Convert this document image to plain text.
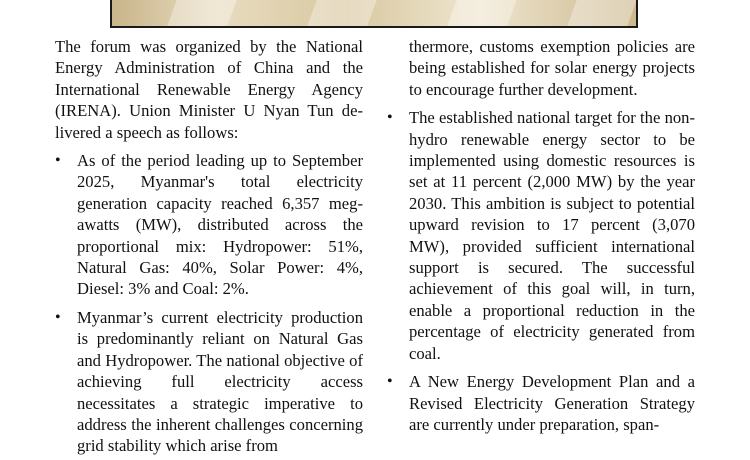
The forum was organized by the National Energy Administration of China and the International Renewable Energy Agency (IRENA). Union Minister U Nyan Tun delivered a speech as follows:

• As of the period leading up to September 2025, Myanmar's total electricity generation capacity reached 6,357 megawatts (MW), distributed across the proportional mix: Hydropower: 51%, Natural Gas: 40%, Solar Power: 4%, Diesel: 3% and Coal: 2%.
• Myanmar’s current electricity production is predominantly reliant on Natural Gas and Hydropower. The national objective of achieving full electricity access necessitates a strategic imperative to address the inherent challenges concerning grid stability which arise from

thermore, customs exemption policies are being established for solar energy projects to encourage further development.

• The established national target for the non-hydro renewable energy sector to be implemented using domestic resources is set at 11 percent (2,000 MW) by the year 2030. This ambition is subject to potential upward revision to 17 percent (3,070 MW), provided sufficient international support is secured. The successful achievement of this goal will, in turn, enable a proportional reduction in the percentage of electricity generated from coal.
• A New Energy Development Plan and a Revised Electricity Generation Strategy are currently under preparation, span-
